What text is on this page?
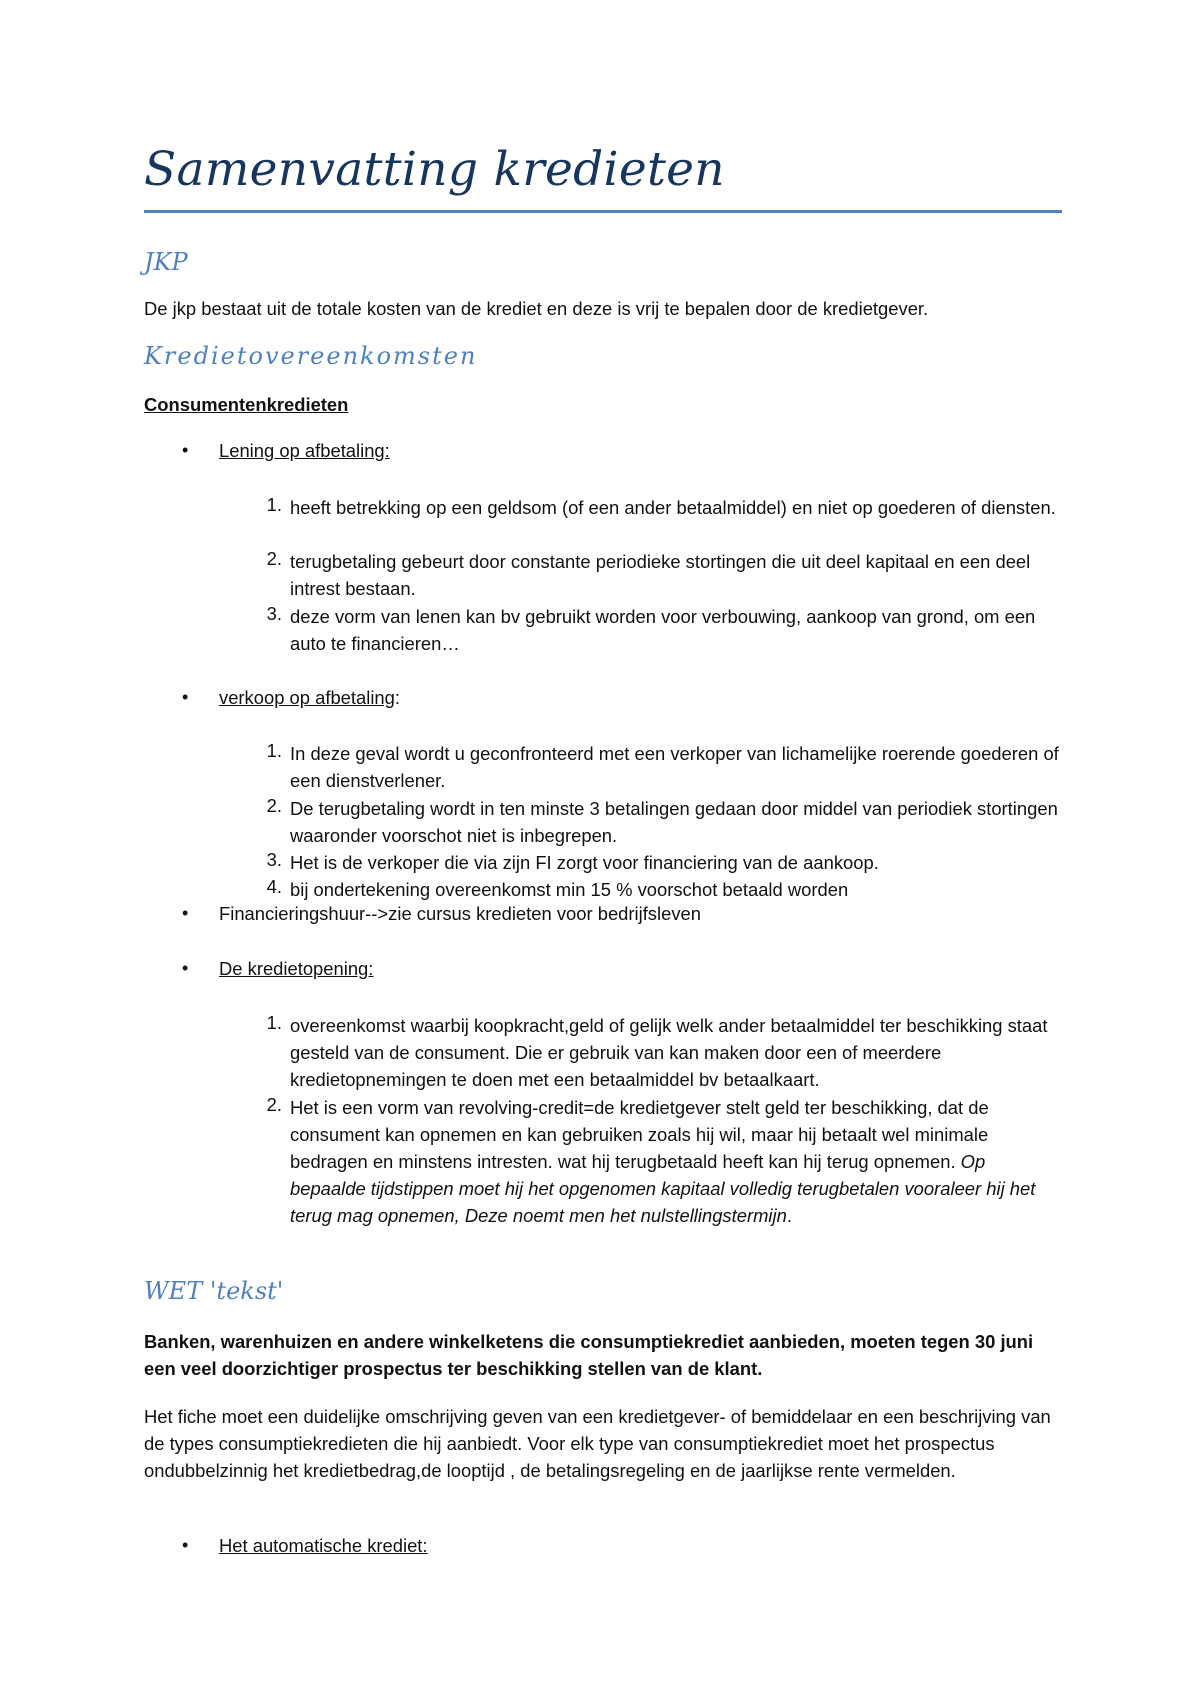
Samenvatting kredieten
JKP
De jkp bestaat uit de totale kosten van de krediet en deze is vrij te bepalen door de kredietgever.
Kredietovereenkomsten
Consumentenkredieten
• Lening op afbetaling:
1. heeft betrekking op een geldsom (of een ander betaalmiddel) en niet op goederen of diensten.
2. terugbetaling gebeurt door constante periodieke stortingen die uit deel kapitaal en een deel intrest bestaan.
3. deze vorm van lenen kan bv gebruikt worden voor verbouwing, aankoop van grond, om een auto te financieren…
• verkoop op afbetaling:
1. In deze geval wordt u geconfronteerd met een verkoper van lichamelijke roerende goederen of een dienstverlener.
2. De terugbetaling wordt in ten minste 3 betalingen gedaan door middel van periodiek stortingen waaronder voorschot niet is inbegrepen.
3. Het is de verkoper die via zijn FI zorgt voor financiering van de aankoop.
4. bij ondertekening overeenkomst min 15 % voorschot betaald worden
• Financieringshuur-->zie cursus kredieten voor bedrijfsleven
• De kredietopening:
1. overeenkomst waarbij koopkracht,geld of gelijk welk ander betaalmiddel ter beschikking staat gesteld van de consument. Die er gebruik van kan maken door een of meerdere kredietopnemingen te doen met een betaalmiddel bv betaalkaart.
2. Het is een vorm van revolving-credit=de kredietgever stelt geld ter beschikking, dat de consument kan opnemen en kan gebruiken zoals hij wil, maar hij betaalt wel minimale bedragen en minstens intresten. wat hij terugbetaald heeft kan hij terug opnemen. Op bepaalde tijdstippen moet hij het opgenomen kapitaal volledig terugbetalen vooraleer hij het terug mag opnemen, Deze noemt men het nulstellingstermijn.
WET 'tekst'
Banken, warenhuizen en andere winkelketens die consumptiekrediet aanbieden, moeten tegen 30 juni een veel doorzichtiger prospectus ter beschikking stellen van de klant.
Het fiche moet een duidelijke omschrijving geven van een kredietgever- of bemiddelaar en een beschrijving van de types consumptiekredieten die hij aanbiedt. Voor elk type van consumptiekrediet moet het prospectus ondubbelzinnig het kredietbedrag,de looptijd , de betalingsregeling en de jaarlijkse rente vermelden.
• Het automatische krediet:
